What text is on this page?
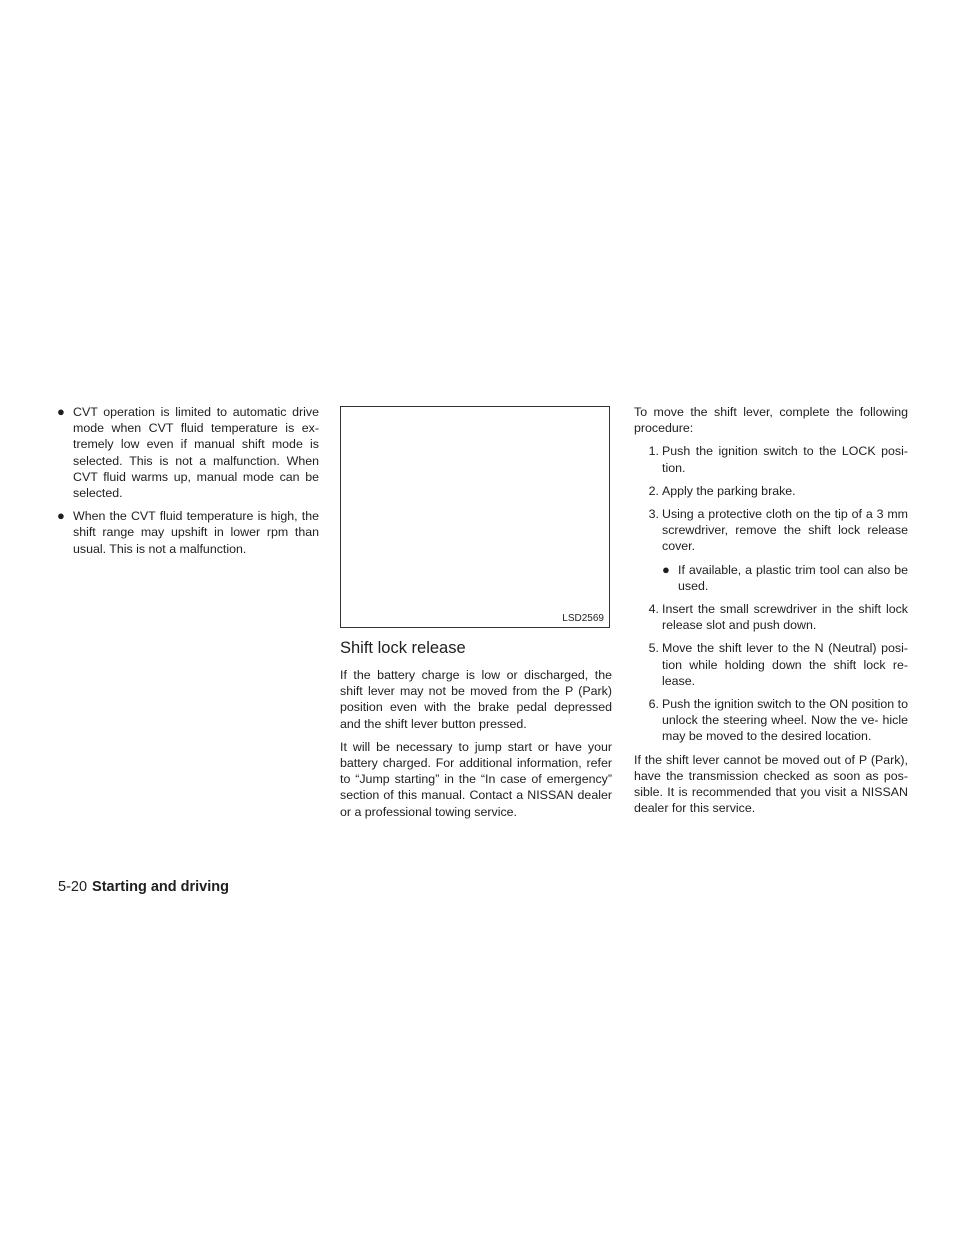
● CVT operation is limited to automatic drive mode when CVT fluid temperature is ex- tremely low even if manual shift mode is selected. This is not a malfunction. When CVT fluid warms up, manual mode can be selected.
● When the CVT fluid temperature is high, the shift range may upshift in lower rpm than usual. This is not a malfunction.
LSD2569
Shift lock release

If the battery charge is low or discharged, the shift lever may not be moved from the P (Park) position even with the brake pedal depressed and the shift lever button pressed.

It will be necessary to jump start or have your battery charged. For additional information, refer to “Jump starting” in the “In case of emergency” section of this manual. Contact a NISSAN dealer or a professional towing service.

To move the shift lever, complete the following procedure:

1. Push the ignition switch to the LOCK posi- tion.
2. Apply the parking brake.
3. Using a protective cloth on the tip of a 3 mm screwdriver, remove the shift lock release cover.
● If available, a plastic trim tool can also be used.
4. Insert the small screwdriver in the shift lock release slot and push down.
5. Move the shift lever to the N (Neutral) posi- tion while holding down the shift lock re- lease.
6. Push the ignition switch to the ON position to unlock the steering wheel. Now the ve- hicle may be moved to the desired location.

If the shift lever cannot be moved out of P (Park), have the transmission checked as soon as pos- sible. It is recommended that you visit a NISSAN dealer for this service.

5-20 Starting and driving
